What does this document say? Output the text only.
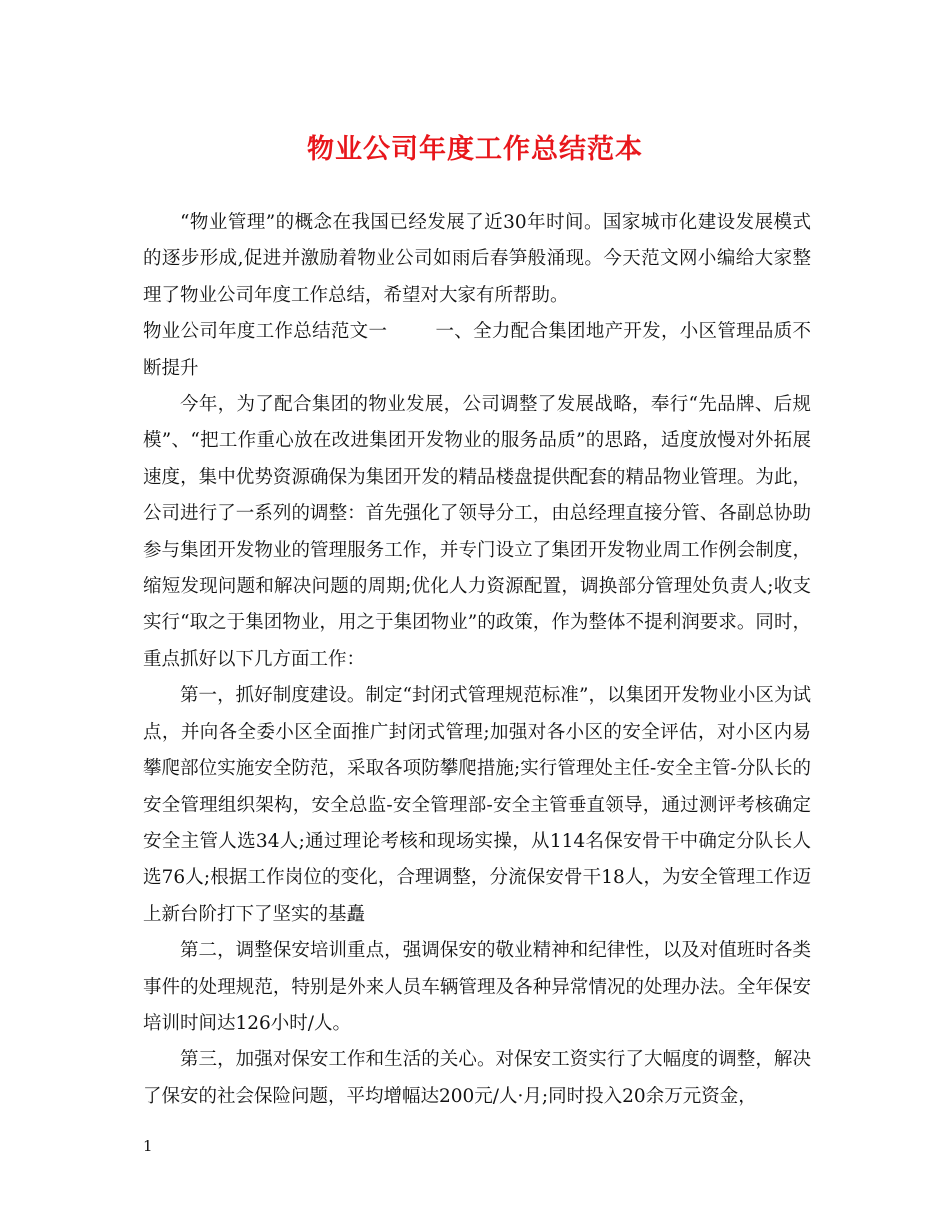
物业公司年度工作总结范本

“物业管理”的概念在我国已经发展了近30年时间。国家城市化建设发展模式的逐步形成,促进并激励着物业公司如雨后春笋般涌现。今天范文网小编给大家整理了物业公司年度工作总结，希望对大家有所帮助。

物业公司年度工作总结范文一	一、全力配合集团地产开发，小区管理品质不断提升

今年，为了配合集团的物业发展，公司调整了发展战略，奉行“先品牌、后规模”、“把工作重心放在改进集团开发物业的服务品质”的思路，适度放慢对外拓展速度，集中优势资源确保为集团开发的精品楼盘提供配套的精品物业管理。为此，公司进行了一系列的调整：首先强化了领导分工，由总经理直接分管、各副总协助参与集团开发物业的管理服务工作，并专门设立了集团开发物业周工作例会制度，缩短发现问题和解决问题的周期;优化人力资源配置，调换部分管理处负责人;收支实行“取之于集团物业，用之于集团物业”的政策，作为整体不提利润要求。同时，重点抓好以下几方面工作：

第一，抓好制度建设。制定“封闭式管理规范标准”，以集团开发物业小区为试点，并向各全委小区全面推广封闭式管理;加强对各小区的安全评估，对小区内易攀爬部位实施安全防范，采取各项防攀爬措施;实行管理处主任-安全主管-分队长的安全管理组织架构，安全总监-安全管理部-安全主管垂直领导，通过测评考核确定安全主管人选34人;通过理论考核和现场实操，从114名保安骨干中确定分队长人选76人;根据工作岗位的变化，合理调整，分流保安骨干18人，为安全管理工作迈上新台阶打下了坚实的基矗

第二，调整保安培训重点，强调保安的敬业精神和纪律性，以及对值班时各类事件的处理规范，特别是外来人员车辆管理及各种异常情况的处理办法。全年保安培训时间达126小时/人。

第三，加强对保安工作和生活的关心。对保安工资实行了大幅度的调整，解决了保安的社会保险问题，平均增幅达200元/人·月;同时投入20余万元资金，

1
